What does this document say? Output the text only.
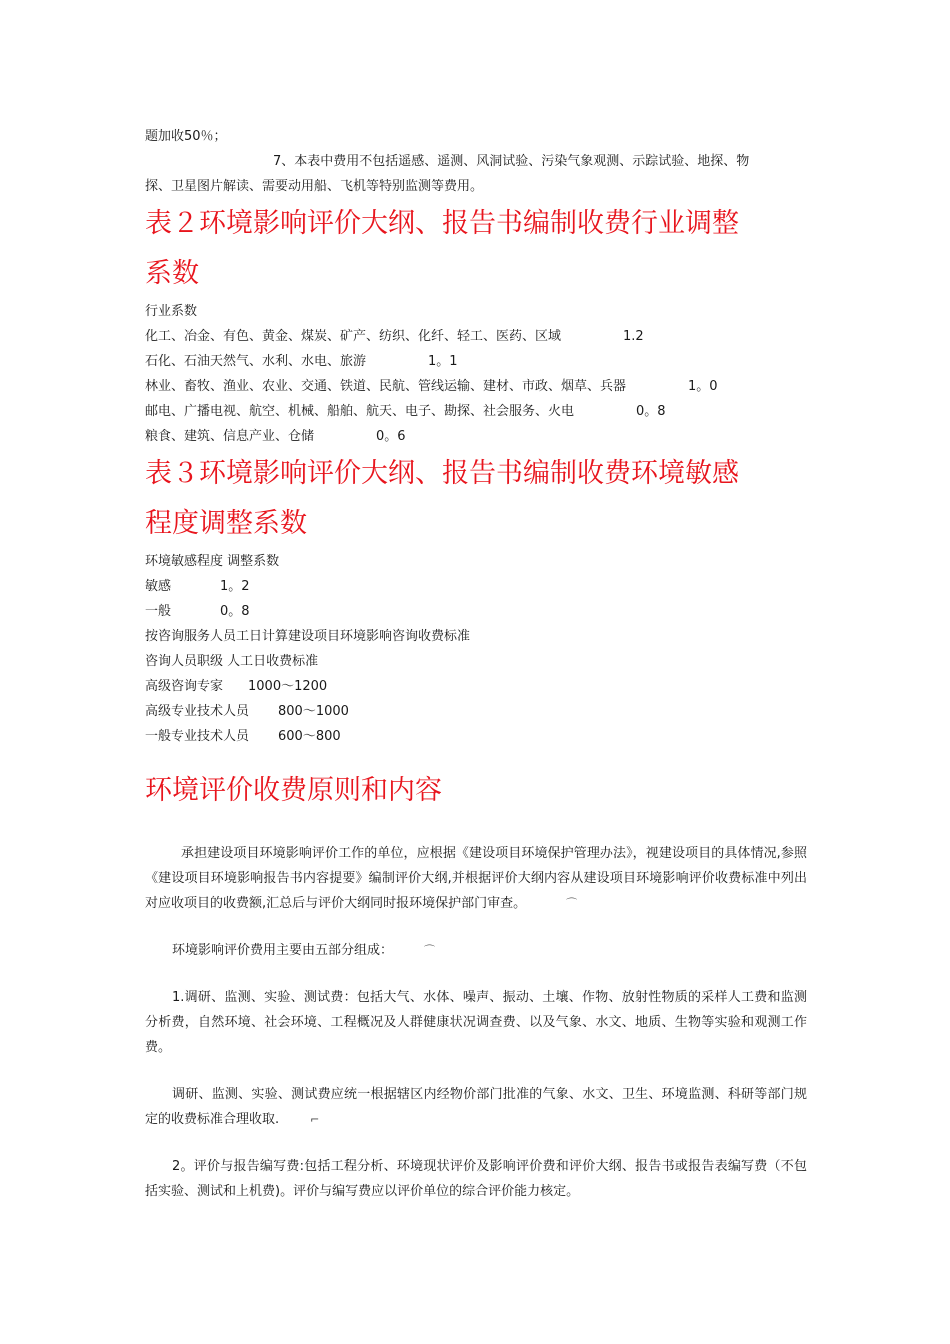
题加收50％；
7、本表中费用不包括遥感、遥测、风洞试验、污染气象观测、示踪试验、地探、物
探、卫星图片解读、需要动用船、飞机等特别监测等费用。
表２环境影响评价大纲、报告书编制收费行业调整
系数
行业系数
化工、冶金、有色、黄金、煤炭、矿产、纺织、化纤、轻工、医药、区域	1.2
石化、石油天然气、水利、水电、旅游	1。1
林业、畜牧、渔业、农业、交通、铁道、民航、管线运输、建材、市政、烟草、兵器	1。0
邮电、广播电视、航空、机械、船舶、航天、电子、勘探、社会服务、火电	0。8
粮食、建筑、信息产业、仓储	0。6
表３环境影响评价大纲、报告书编制收费环境敏感
程度调整系数
环境敏感程度 调整系数
敏感	1。2
一般	0。8
按咨询服务人员工日计算建设项目环境影响咨询收费标准
咨询人员职级 人工日收费标准
高级咨询专家 1000～1200
高级专业技术人员 800～1000
一般专业技术人员 600～800
环境评价收费原则和内容
承担建设项目环境影响评价工作的单位，应根据《建设项目环境保护管理办法》，视建设项目的具体情况,参照《建设项目环境影响报告书内容提要》编制评价大纲,并根据评价大纲内容从建设项目环境影响评价收费标准中列出对应收项目的收费额,汇总后与评价大纲同时报环境保护部门审查。	⌒
环境影响评价费用主要由五部分组成：	⌒
1.调研、监测、实验、测试费：包括大气、水体、噪声、振动、土壤、作物、放射性物质的采样人工费和监测分析费，自然环境、社会环境、工程概况及人群健康状况调查费、以及气象、水文、地质、生物等实验和观测工作费。
调研、监测、实验、测试费应统一根据辖区内经物价部门批准的气象、水文、卫生、环境监测、科研等部门规定的收费标准合理收取.	⌐
2。评价与报告编写费:包括工程分析、环境现状评价及影响评价费和评价大纲、报告书或报告表编写费（不包括实验、测试和上机费)。评价与编写费应以评价单位的综合评价能力核定。
